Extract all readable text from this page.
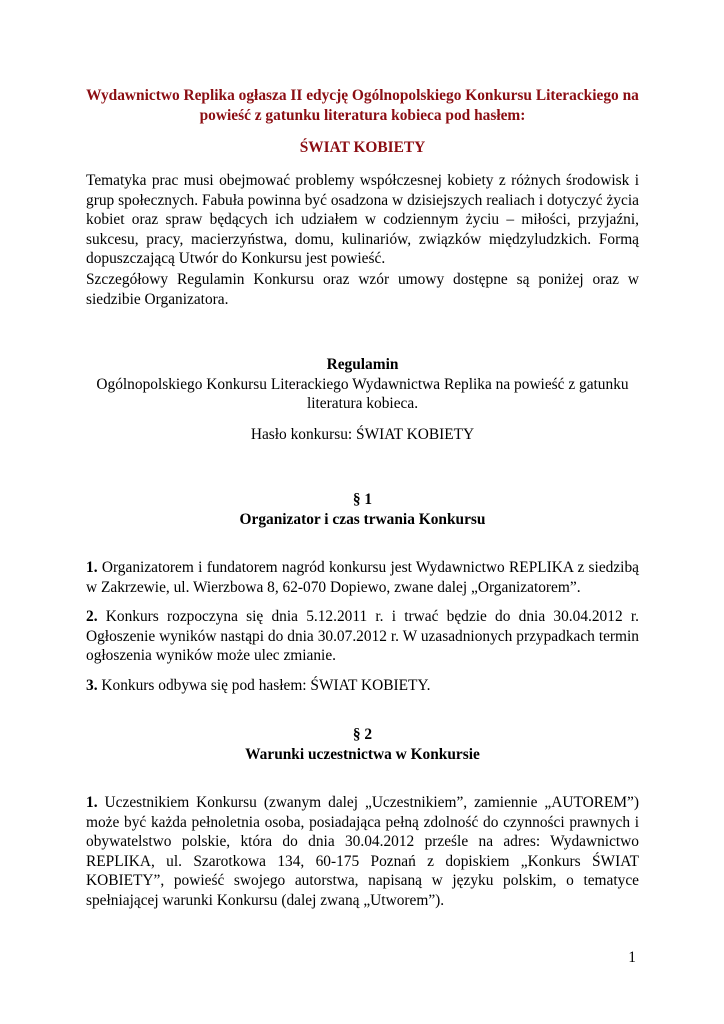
Wydawnictwo Replika ogłasza II edycję Ogólnopolskiego Konkursu Literackiego na

powieść z gatunku literatura kobieca pod hasłem:

ŚWIAT KOBIETY

Tematyka prac musi obejmować problemy współczesnej kobiety z różnych środowisk i grup społecznych. Fabuła powinna być osadzona w dzisiejszych realiach i dotyczyć życia kobiet oraz spraw będących ich udziałem w codziennym życiu – miłości, przyjaźni, sukcesu, pracy, macierzyństwa, domu, kulinariów, związków międzyludzkich. Formą dopuszczającą Utwór do Konkursu jest powieść.

Szczegółowy Regulamin Konkursu oraz wzór umowy dostępne są poniżej oraz w siedzibie Organizatora.

Regulamin

Ogólnopolskiego Konkursu Literackiego Wydawnictwa Replika na powieść z gatunku

literatura kobieca.

Hasło konkursu: ŚWIAT KOBIETY

§ 1

Organizator i czas trwania Konkursu

1. Organizatorem i fundatorem nagród konkursu jest Wydawnictwo REPLIKA z siedzibą w Zakrzewie, ul. Wierzbowa 8, 62-070 Dopiewo, zwane dalej „Organizatorem”.

2. Konkurs rozpoczyna się dnia 5.12.2011 r. i trwać będzie do dnia 30.04.2012 r. Ogłoszenie wyników nastąpi do dnia 30.07.2012 r. W uzasadnionych przypadkach termin ogłoszenia wyników może ulec zmianie.

3. Konkurs odbywa się pod hasłem: ŚWIAT KOBIETY.

§ 2

Warunki uczestnictwa w Konkursie

1. Uczestnikiem Konkursu (zwanym dalej „Uczestnikiem”, zamiennie „AUTOREM”) może być każda pełnoletnia osoba, posiadająca pełną zdolność do czynności prawnych i obywatelstwo polskie, która do dnia 30.04.2012 prześle na adres: Wydawnictwo REPLIKA, ul. Szarotkowa 134, 60-175 Poznań z dopiskiem „Konkurs ŚWIAT KOBIETY”, powieść swojego autorstwa, napisaną w języku polskim, o tematyce spełniającej warunki Konkursu (dalej zwaną „Utworem”).

1
